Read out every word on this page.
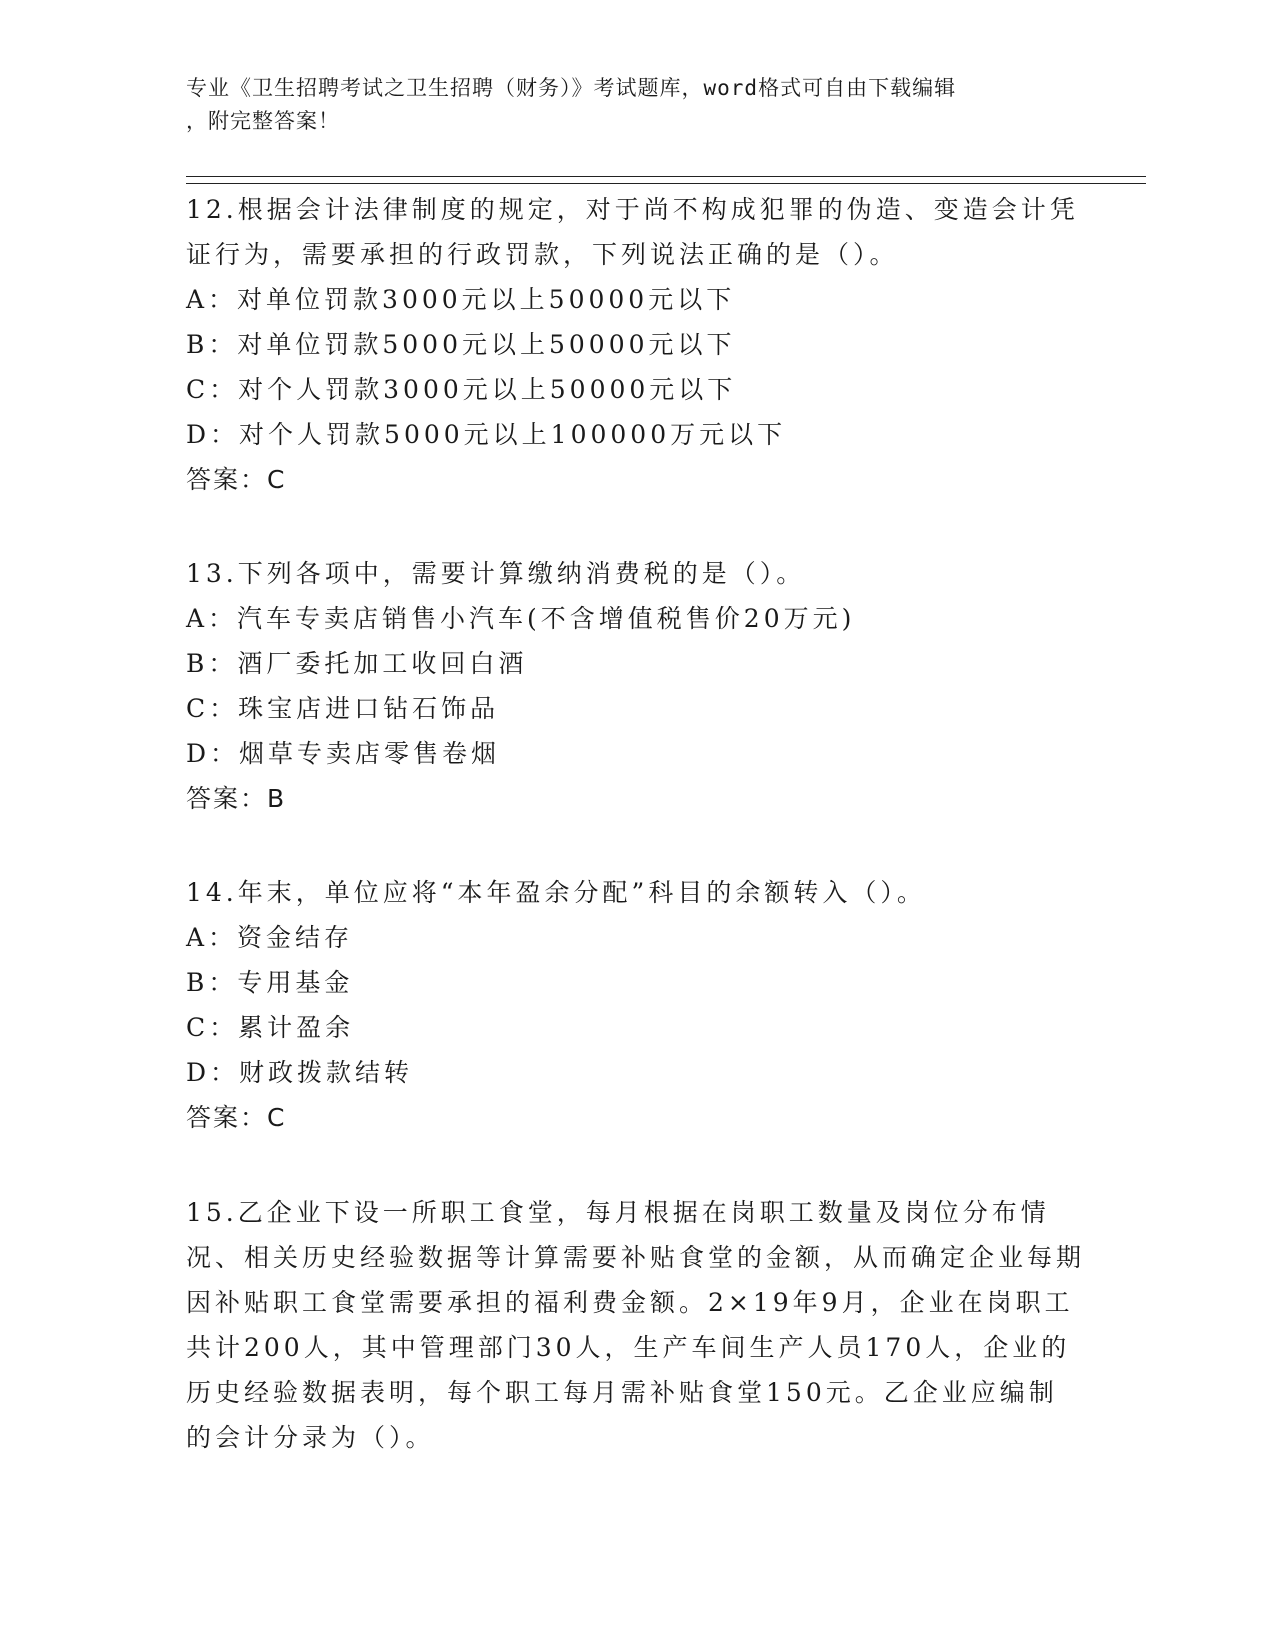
专业《卫生招聘考试之卫生招聘（财务）》考试题库，word格式可自由下载编辑
，附完整答案！

12.根据会计法律制度的规定，对于尚不构成犯罪的伪造、变造会计凭证行为，需要承担的行政罚款，下列说法正确的是（）。

A：对单位罚款3000元以上50000元以下
B：对单位罚款5000元以上50000元以下
C：对个人罚款3000元以上50000元以下
D：对个人罚款5000元以上100000万元以下
答案：C

13.下列各项中，需要计算缴纳消费税的是（）。

A：汽车专卖店销售小汽车(不含增值税售价20万元)
B：酒厂委托加工收回白酒
C：珠宝店进口钻石饰品
D：烟草专卖店零售卷烟
答案：B

14.年末，单位应将“本年盈余分配”科目的余额转入（）。

A：资金结存
B：专用基金
C：累计盈余
D：财政拨款结转
答案：C

15.乙企业下设一所职工食堂，每月根据在岗职工数量及岗位分布情况、相关历史经验数据等计算需要补贴食堂的金额，从而确定企业每期因补贴职工食堂需要承担的福利费金额。2×19年9月，企业在岗职工共计200人，其中管理部门30人，生产车间生产人员170人，企业的历史经验数据表明，每个职工每月需补贴食堂150元。乙企业应编制的会计分录为（）。
